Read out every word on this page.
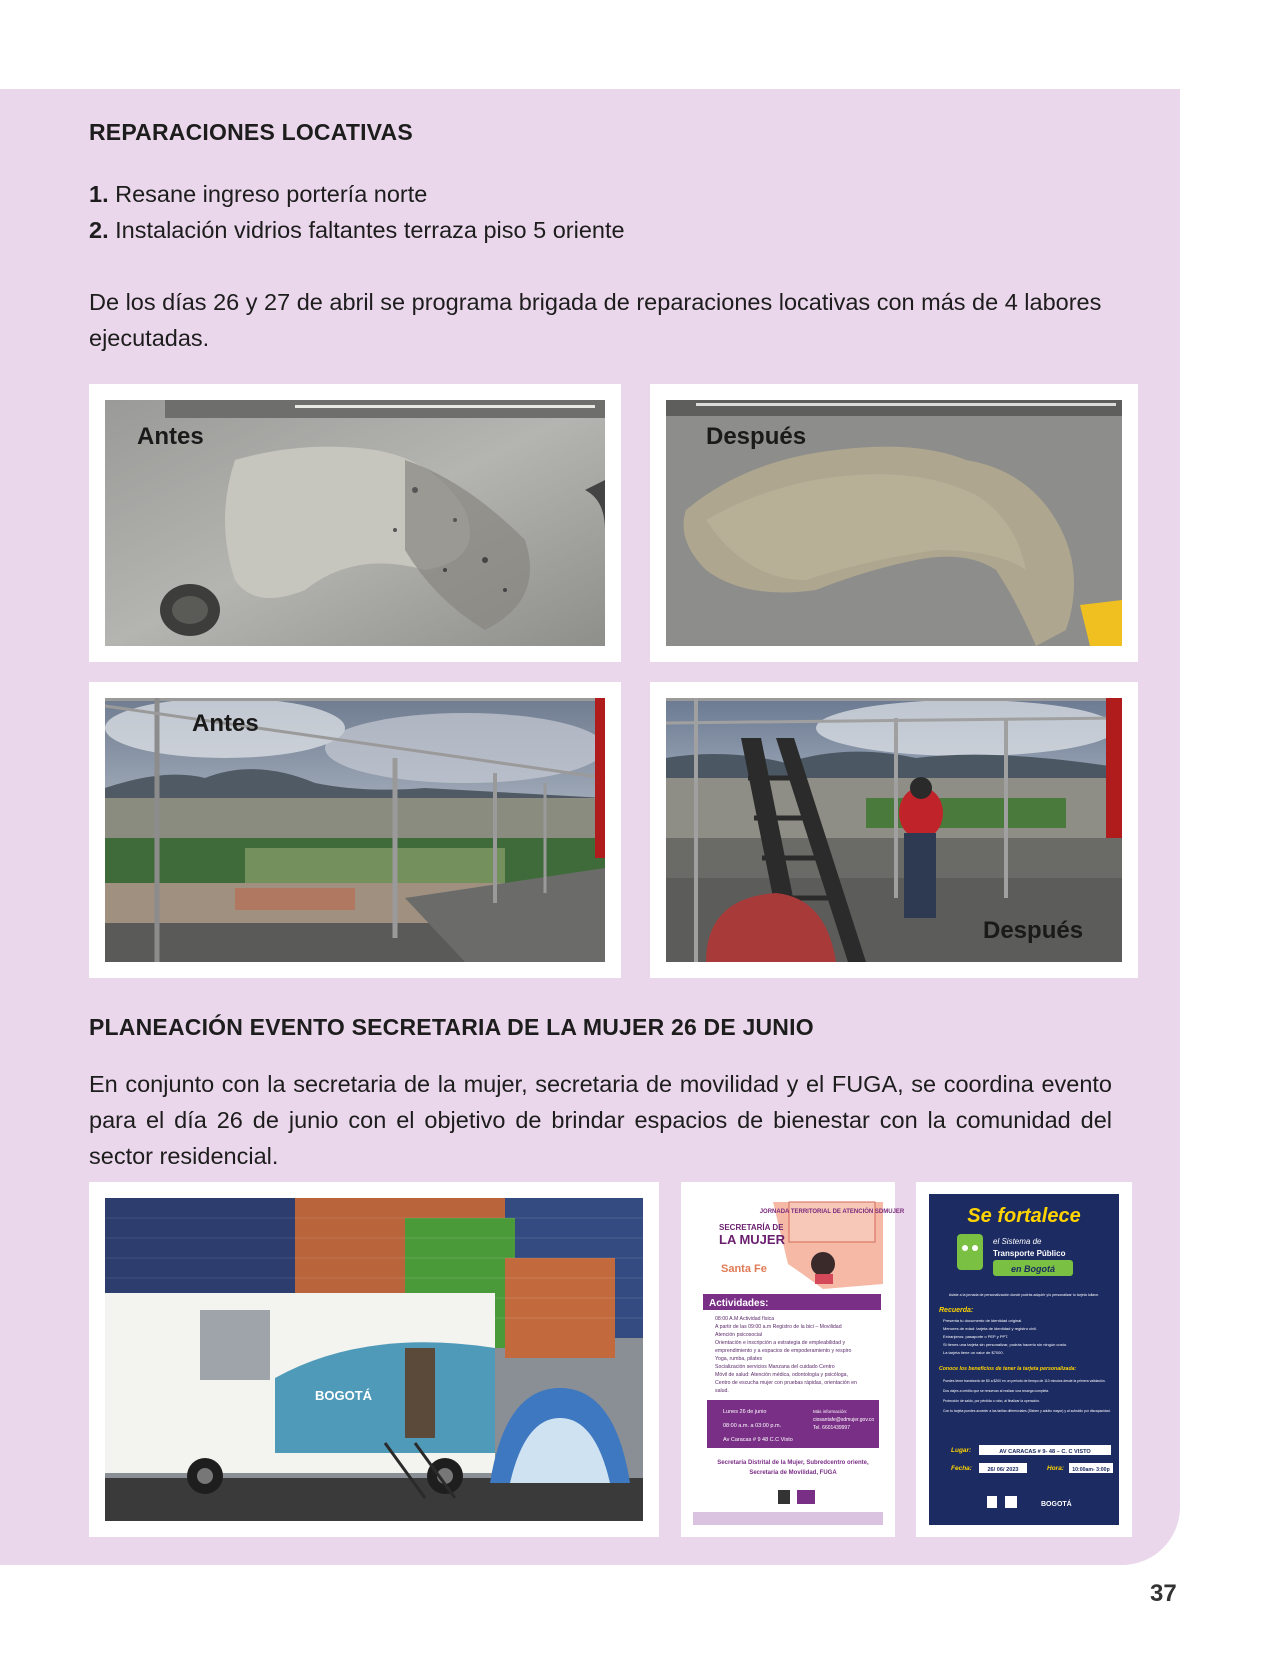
REPARACIONES LOCATIVAS

1. Resane ingreso portería norte

2. Instalación vidrios faltantes terraza piso 5 oriente

De los días 26 y 27 de abril se programa brigada de reparaciones locativas con más de 4 labores ejecutadas.

Antes	Después
Antes
Después
PLANEACIÓN EVENTO SECRETARIA DE LA MUJER 26 DE JUNIO

En conjunto con la secretaria de la mujer, secretaria de movilidad y el FUGA, se coordina evento para el día 26 de junio con el objetivo de brindar espacios de bienestar con la comunidad del sector residencial.

BOGOTÁ
JORNADA TERRITORIAL DE ATENCIÓN SDMUJER
SECRETARÍA DE
LA MUJER
Santa Fe
Actividades:
08:00 A.M Actividad física
A partir de las 09:00 a.m Registro de la bici – Movilidad
Atención psicosocial
Orientación e inscripción a estrategia de empleabilidad y
emprendimiento y a espacios de empoderamiento y respiro
Yoga, rumba, pilates
Socialización servicios Manzana del cuidado Centro
Móvil de salud: Atención médica, odontología y psicóloga,
Centro de escucha mujer con pruebas rápidas, orientación en
salud.
Lunes 26 de junio
08:00 a.m. a 03:00 p.m.
Av Caracas # 9 48 C.C Visto
Más información:
ciosantafe@sdmujer.gov.co
Tel. 6601439997
Secretaría Distrital de la Mujer, Subredcentro oriente,
Secretaría de Movilidad, FUGA
Se fortalece
el Sistema de
Transporte Público
en Bogotá
Asiste a la jornada de personalización donde podrás adquirir y/o personalizar tu tarjeta tullave.
Recuerda:
Presenta tu documento de identidad original.
Menores de edad: tarjeta de identidad y registro civil.
Extranjeros: pasaporte o PEP y PPT.
Si tienes una tarjeta sin personalizar, podrás hacerlo sin ningún costo.
La tarjeta tiene un valor de $7000.
Conoce los beneficios de tener la tarjeta personalizada:
Puedes tener transbordo de $0 a $200 en un periodo de tiempo de 110 minutos desde la primera validación.
Dos viajes a crédito que se renuevan al realizar una recarga completa.
Protección de saldo, por pérdida o robo, al finalizar la operación.
Con tu tarjeta puedes acceder a las tarifas diferenciales (Sisben y adulto mayor) y al subsidio por discapacidad.
Lugar:	AV CARACAS # 9- 48 – C. C VISTO
Fecha:	26/ 06/ 2023	Hora: 10:00am- 3:00p
BOGOTÁ
37
